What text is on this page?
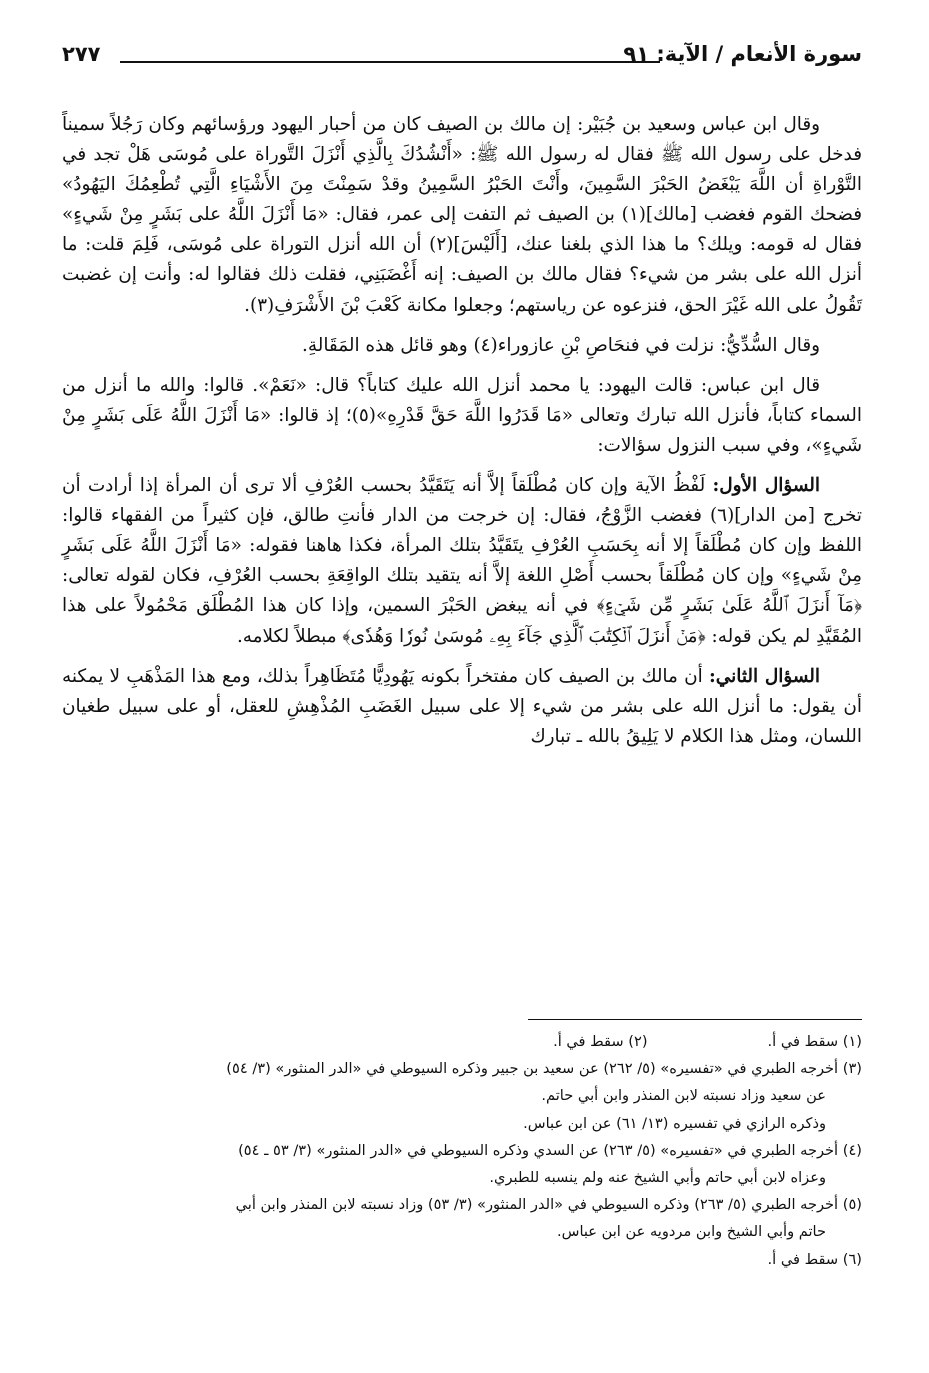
سورة الأنعام / الآية: ٩١
٢٧٧

وقال ابن عباس وسعيد بن جُبَيْر: إن مالك بن الصيف كان من أحبار اليهود ورؤسائهم وكان رَجُلاً سميناً فدخل على رسول الله ﷺ فقال له رسول الله ﷺ: «أَنْشُدُكَ بِالَّذِي أَنْزَلَ التَّوراة على مُوسَى هَلْ تجد في التَّوْراةِ أن اللَّهَ يَبْغَضُ الحَبْرَ السَّمِينَ، وأَنْتَ الحَبْرُ السَّمِينُ وقدْ سَمِنْتَ مِنَ الأَشْيَاءِ الَّتِي تُطْعِمُكَ اليَهُودُ» فضحك القوم فغضب [مالك](١) بن الصيف ثم التفت إلى عمر، فقال: «مَا أَنْزَلَ اللَّهُ على بَشَرٍ مِنْ شَيءٍ» فقال له قومه: ويلك؟ ما هذا الذي بلغنا عنك، [أَلَيْسَ](٢) أن الله أنزل التوراة على مُوسَى، فَلِمَ قلت: ما أنزل الله على بشر من شيء؟ فقال مالك بن الصيف: إنه أَغْضَبَنِي، فقلت ذلك فقالوا له: وأنت إن غضبت تَقُولُ على الله غَيْرَ الحق، فنزعوه عن رياستهم؛ وجعلوا مكانة كَعْبَ بْنَ الأَشْرَفِ(٣).

وقال السُّدِّيُّ: نزلت في فنحَاصِ بْنِ عازوراء(٤) وهو قائل هذه المَقَالةِ.

قال ابن عباس: قالت اليهود: يا محمد أنزل الله عليك كتاباً؟ قال: «نَعَمْ». قالوا: والله ما أنزل من السماء كتاباً، فأنزل الله تبارك وتعالى «مَا قَدَرُوا اللَّهَ حَقَّ قَدْرِهِ»(٥)؛ إذ قالوا: «مَا أَنْزَلَ اللَّهُ عَلَى بَشَرٍ مِنْ شَيءٍ»، وفي سبب النزول سؤالات:

السؤال الأول: لَفْظُ الآية وإن كان مُطْلَقاً إلاَّ أنه يَتَقَيَّدُ بحسب العُرْفِ ألا ترى أن المرأة إذا أرادت أن تخرج [من الدار](٦) فغضب الزَّوْجُ، فقال: إن خرجت من الدار فأنتِ طالق، فإن كثيراً من الفقهاء قالوا: اللفظ وإن كان مُطْلَقاً إلا أنه بِحَسَبِ العُرْفِ يتَقَيَّدُ بتلك المرأة، فكذا هاهنا فقوله: «مَا أَنْزَلَ اللَّهُ عَلَى بَشَرٍ مِنْ شَيءٍ» وإن كان مُطْلَقاً بحسب أَصْلِ اللغة إلاَّ أنه يتقيد بتلك الواقِعَةِ بحسب العُرْفِ، فكان لقوله تعالى: ﴿مَآ أَنزَلَ ٱللَّهُ عَلَىٰ بَشَرٍ مِّن شَيۡءٍ﴾ في أنه يبغض الحَبْرَ السمين، وإذا كان هذا المُطْلَق مَحْمُولاً على هذا المُقَيَّدِ لم يكن قوله: ﴿مَنۡ أَنزَلَ ٱلۡكِتَٰبَ ٱلَّذِي جَآءَ بِهِۦ مُوسَىٰ نُورٗا وَهُدٗى﴾ مبطلاً لكلامه.

السؤال الثاني: أن مالك بن الصيف كان مفتخراً بكونه يَهُودِيًّا مُتَظَاهِراً بذلك، ومع هذا المَذْهَبِ لا يمكنه أن يقول: ما أنزل الله على بشر من شيء إلا على سبيل الغَضَبِ المُذْهِشِ للعقل، أو على سبيل طغيان اللسان، ومثل هذا الكلام لا يَلِيقُ بالله ـ تبارك

(١) سقط في أ.
(٢) سقط في أ.

(٣) أخرجه الطبري في «تفسيره» (٥/ ٢٦٢) عن سعيد بن جبير وذكره السيوطي في «الدر المنثور» (٣/ ٥٤)

عن سعيد وزاد نسبته لابن المنذر وابن أبي حاتم.

وذكره الرازي في تفسيره (١٣/ ٦١) عن ابن عباس.

(٤) أخرجه الطبري في «تفسيره» (٥/ ٢٦٣) عن السدي وذكره السيوطي في «الدر المنثور» (٣/ ٥٣ ـ ٥٤)

وعزاه لابن أبي حاتم وأبي الشيخ عنه ولم ينسبه للطبري.

(٥) أخرجه الطبري (٥/ ٢٦٣) وذكره السيوطي في «الدر المنثور» (٣/ ٥٣) وزاد نسبته لابن المنذر وابن أبي

حاتم وأبي الشيخ وابن مردويه عن ابن عباس.

(٦) سقط في أ.
